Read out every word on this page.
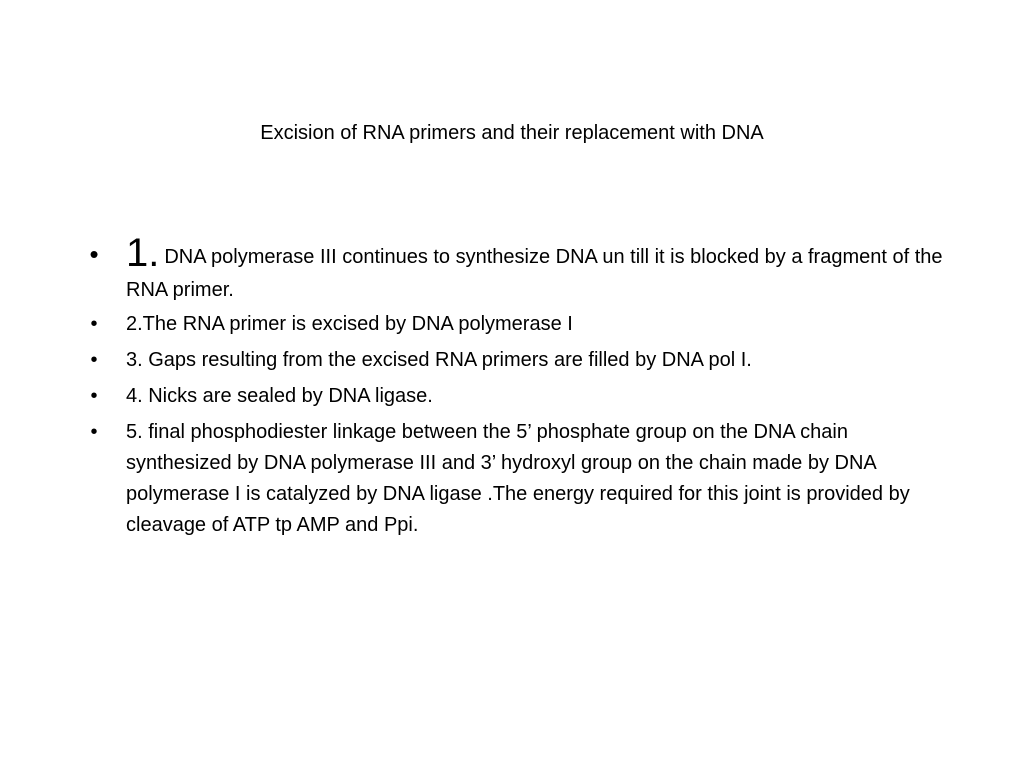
Excision of RNA primers and their replacement with DNA
• 1. DNA polymerase III continues to synthesize DNA un till it is blocked by a fragment of the RNA primer.
•	2.The RNA primer is excised by DNA polymerase I
•	3. Gaps resulting from the excised RNA primers are filled by DNA pol I.
•	4. Nicks are sealed by DNA ligase.
•	5. final phosphodiester linkage between the 5’ phosphate group on the DNA chain synthesized by DNA polymerase III and 3’ hydroxyl group on the chain made by DNA polymerase I is catalyzed by DNA ligase .The energy required for this joint is provided by cleavage of ATP tp AMP and Ppi.
